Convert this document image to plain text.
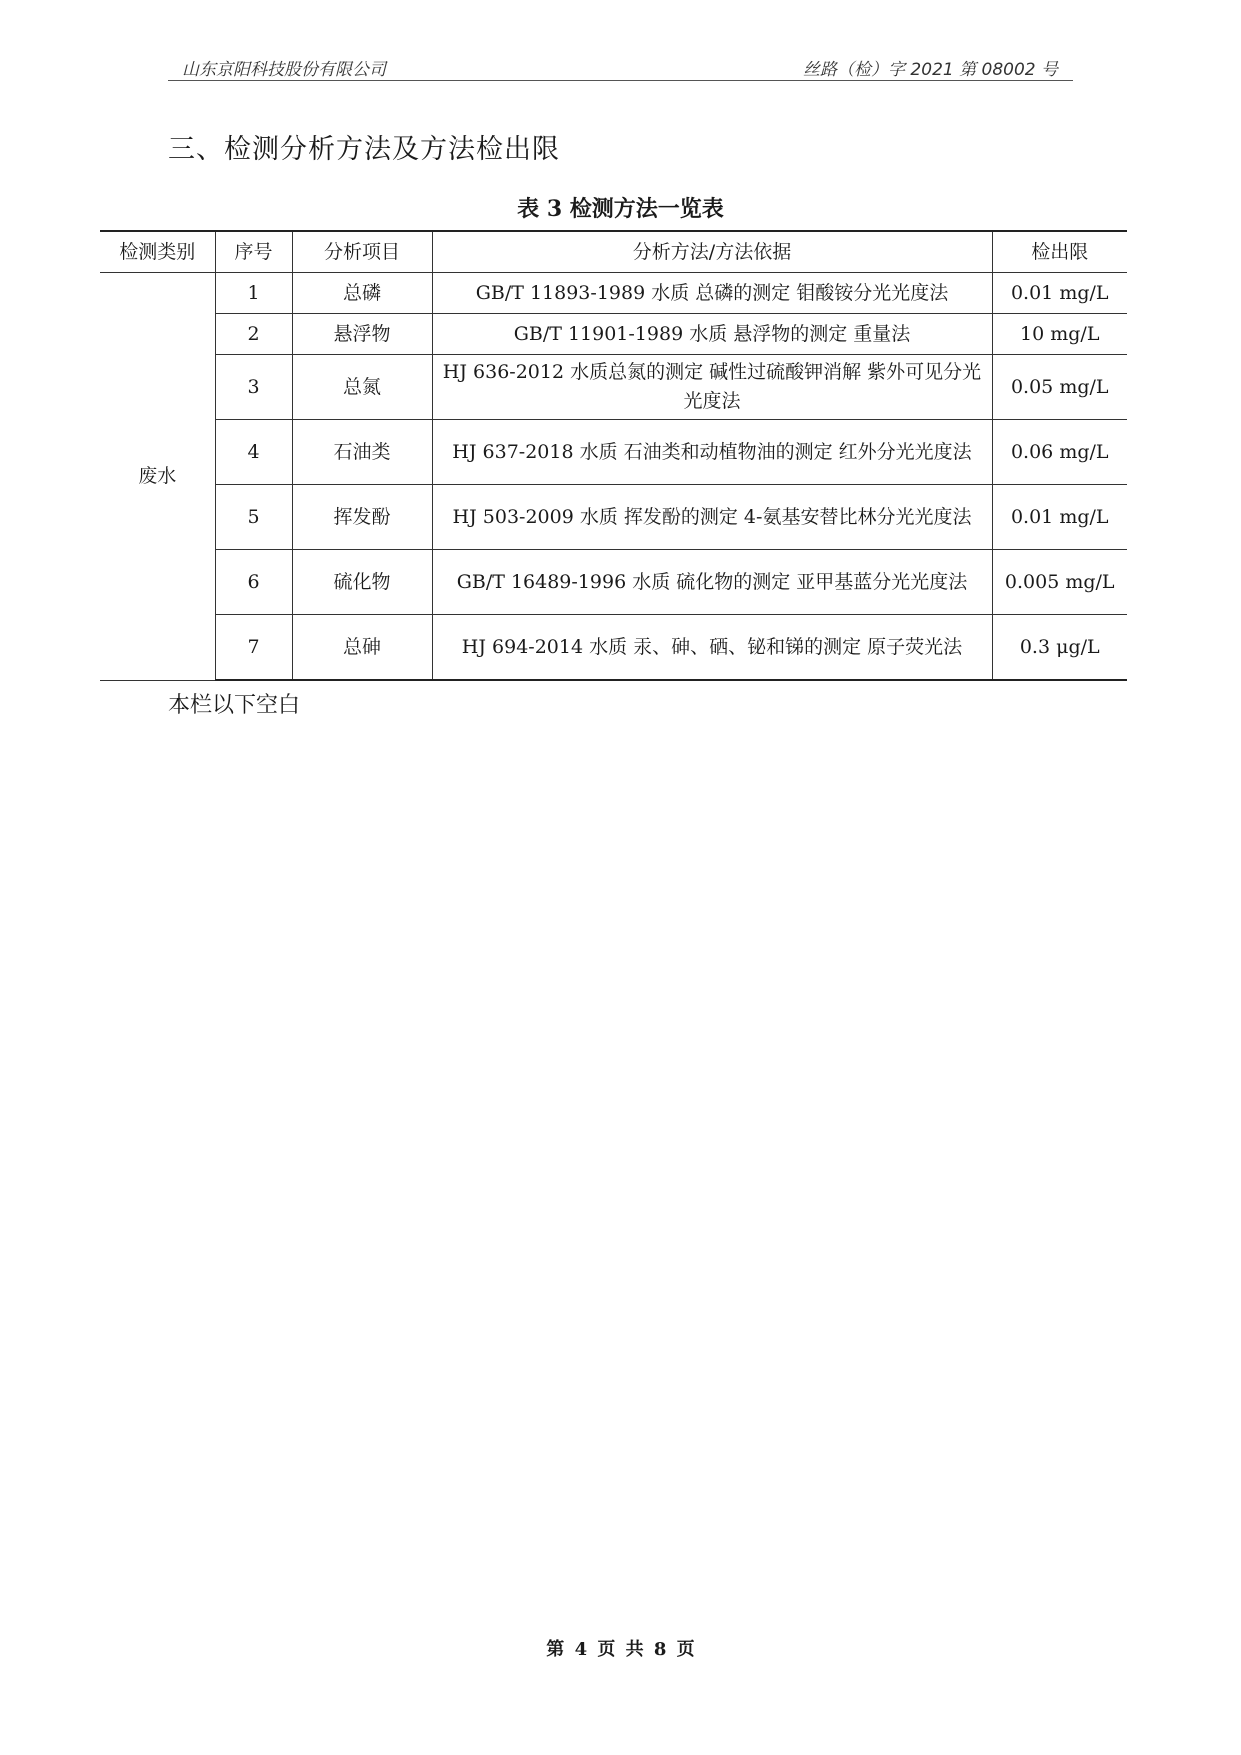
山东京阳科技股份有限公司	丝路（检）字 2021 第 08002 号
三、检测分析方法及方法检出限
表 3 检测方法一览表
检测类别	序号	分析项目	分析方法/方法依据	检出限
废水	1	总磷	GB/T 11893-1989 水质 总磷的测定 钼酸铵分光光度法	0.01 mg/L
	2	悬浮物	GB/T 11901-1989 水质 悬浮物的测定 重量法	10 mg/L
	3	总氮	HJ 636-2012 水质总氮的测定 碱性过硫酸钾消解 紫外可见分光光度法	0.05 mg/L
	4	石油类	HJ 637-2018 水质 石油类和动植物油的测定 红外分光光度法	0.06 mg/L
	5	挥发酚	HJ 503-2009 水质 挥发酚的测定 4-氨基安替比林分光光度法	0.01 mg/L
	6	硫化物	GB/T 16489-1996 水质 硫化物的测定 亚甲基蓝分光光度法	0.005 mg/L
	7	总砷	HJ 694-2014 水质 汞、砷、硒、铋和锑的测定 原子荧光法	0.3 μg/L
本栏以下空白
第 4 页 共 8 页
